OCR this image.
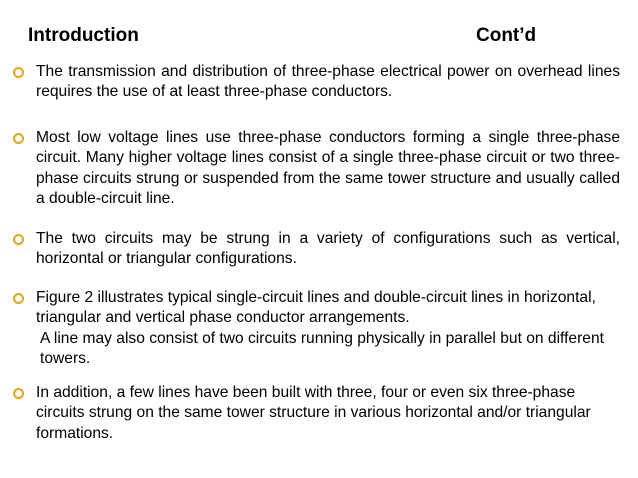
Introduction	Cont’d

The transmission and distribution of three-phase electrical power on overhead lines requires the use of at least three-phase conductors.

Most low voltage lines use three-phase conductors forming a single three-phase circuit. Many higher voltage lines consist of a single three-phase circuit or two three-phase circuits strung or suspended from the same tower structure and usually called a double-circuit line.

The two circuits may be strung in a variety of configurations such as vertical, horizontal or triangular configurations.

Figure 2 illustrates typical single-circuit lines and double-circuit lines in horizontal, triangular and vertical phase conductor arrangements.
A line may also consist of two circuits running physically in parallel but on different towers.

In addition, a few lines have been built with three, four or even six three-phase circuits strung on the same tower structure in various horizontal and/or triangular formations.
